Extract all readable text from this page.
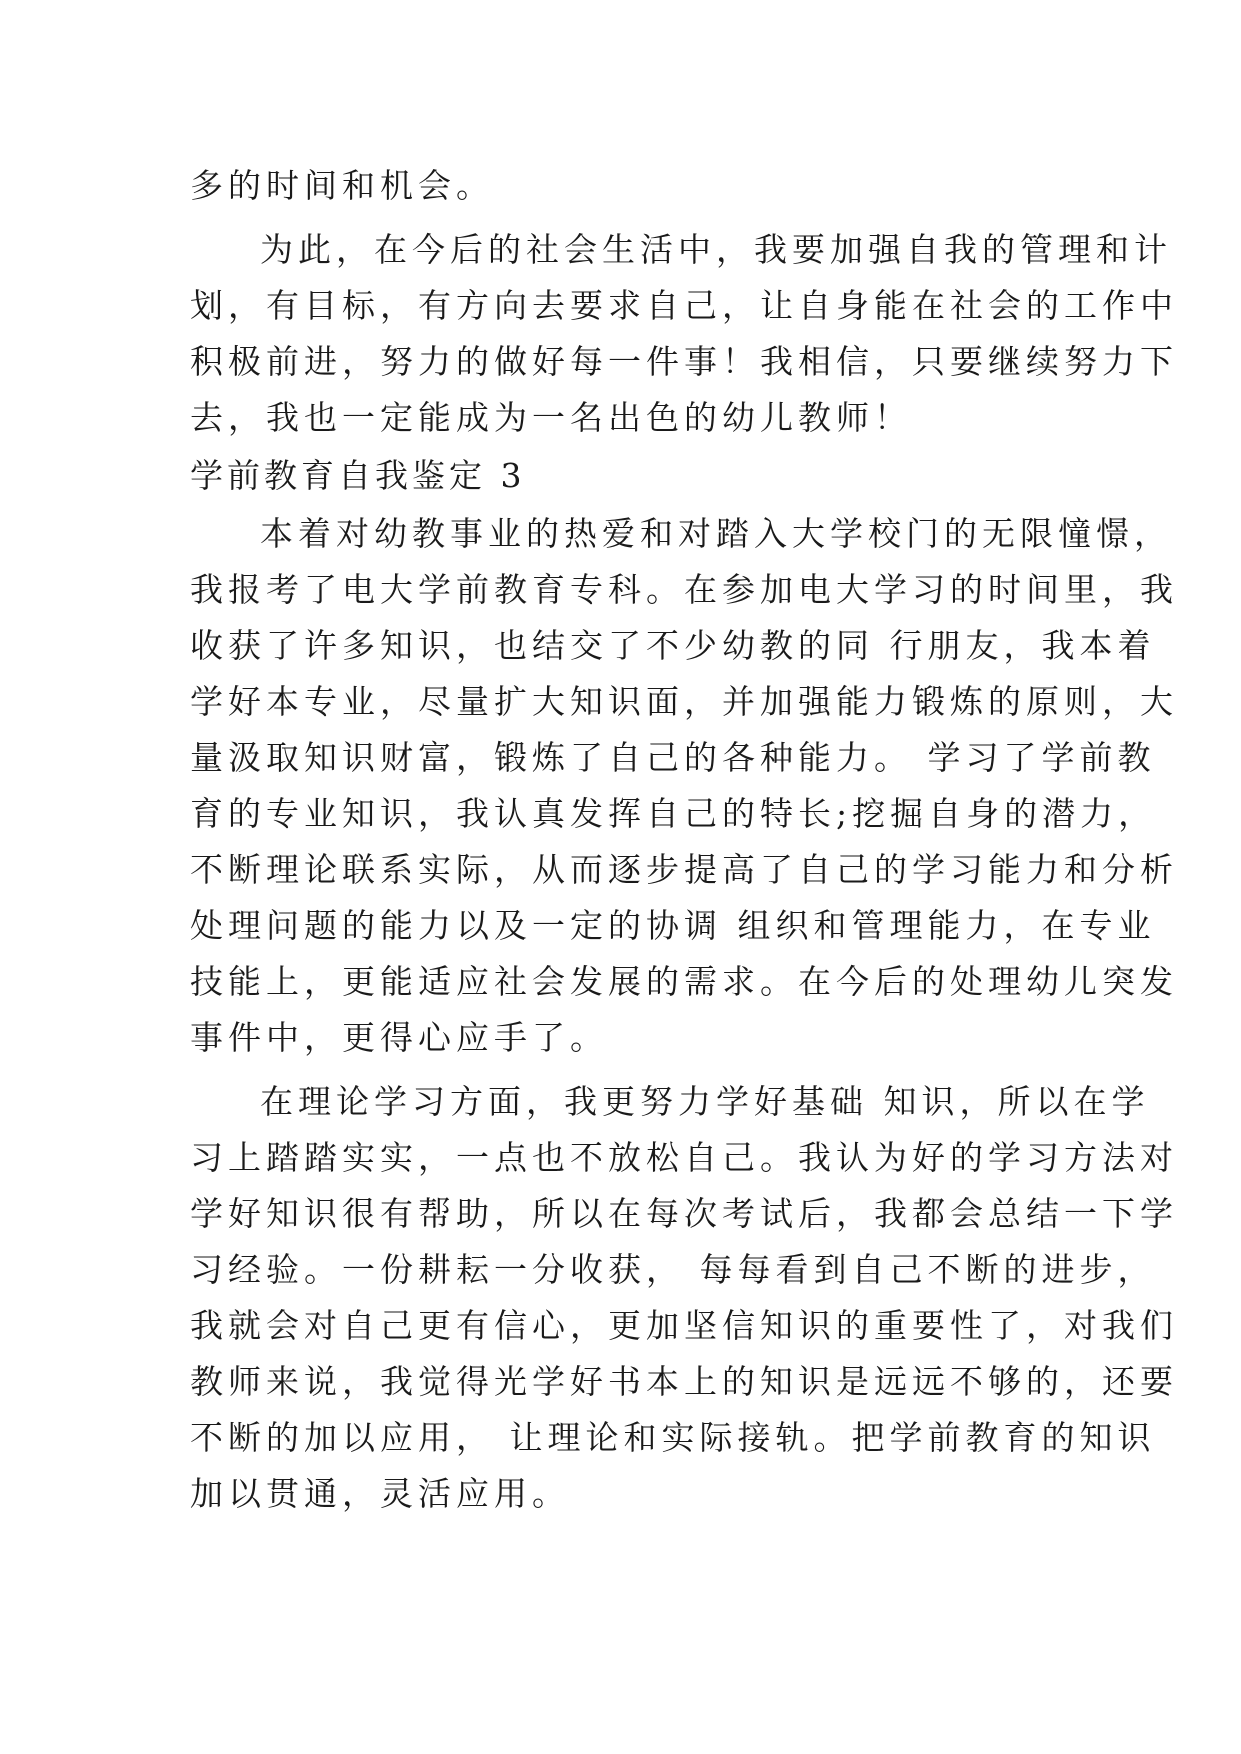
多的时间和机会。
为此，在今后的社会生活中，我要加强自我的管理和计
划，有目标，有方向去要求自己，让自身能在社会的工作中
积极前进，努力的做好每一件事！我相信，只要继续努力下
去，我也一定能成为一名出色的幼儿教师！
学前教育自我鉴定 3
本着对幼教事业的热爱和对踏入大学校门的无限憧憬，
我报考了电大学前教育专科。在参加电大学习的时间里，我
收获了许多知识，也结交了不少幼教的同 行朋友，我本着
学好本专业，尽量扩大知识面，并加强能力锻炼的原则，大
量汲取知识财富，锻炼了自己的各种能力。 学习了学前教
育的专业知识，我认真发挥自己的特长;挖掘自身的潜力，
不断理论联系实际，从而逐步提高了自己的学习能力和分析
处理问题的能力以及一定的协调 组织和管理能力，在专业
技能上，更能适应社会发展的需求。在今后的处理幼儿突发
事件中，更得心应手了。
在理论学习方面，我更努力学好基础 知识，所以在学
习上踏踏实实，一点也不放松自己。我认为好的学习方法对
学好知识很有帮助，所以在每次考试后，我都会总结一下学
习经验。一份耕耘一分收获， 每每看到自己不断的进步，
我就会对自己更有信心，更加坚信知识的重要性了，对我们
教师来说，我觉得光学好书本上的知识是远远不够的，还要
不断的加以应用， 让理论和实际接轨。把学前教育的知识
加以贯通，灵活应用。
